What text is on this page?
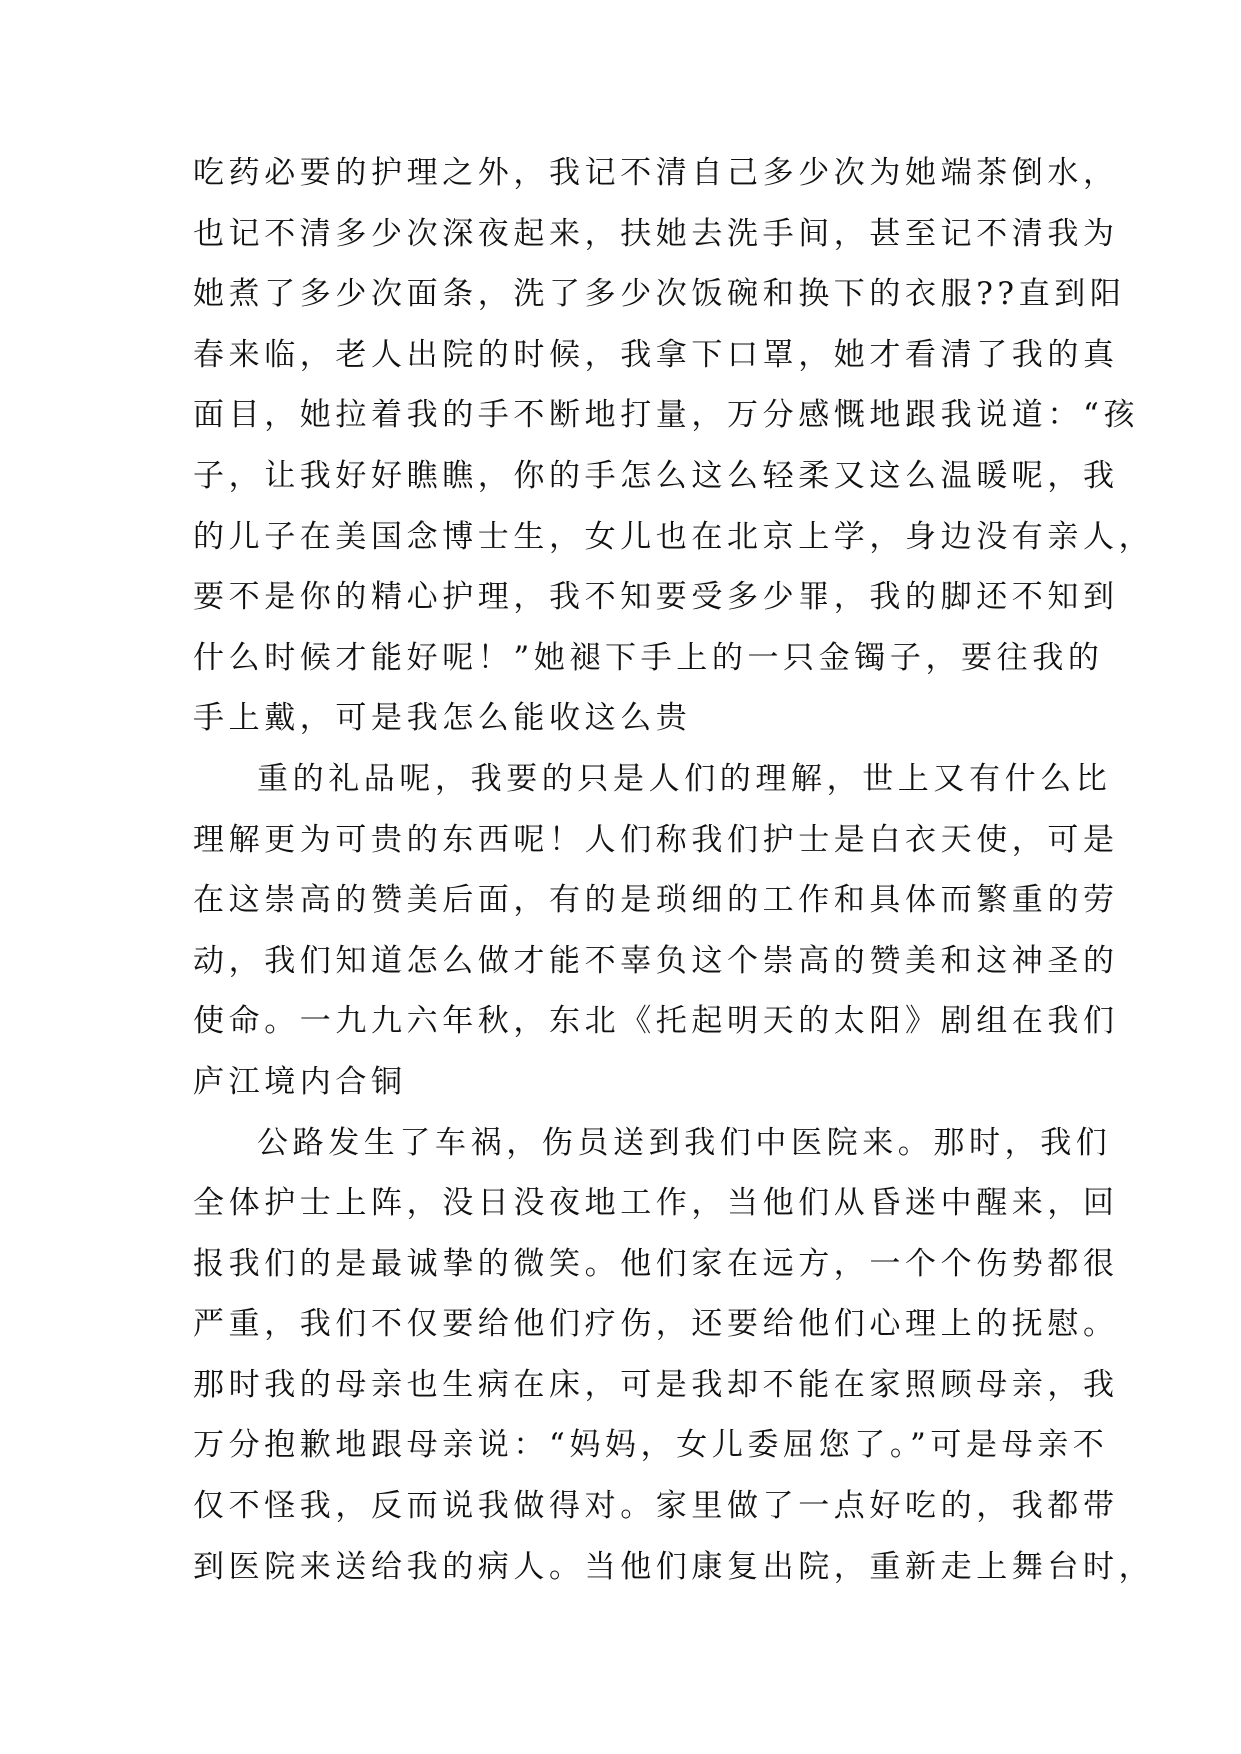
吃药必要的护理之外，我记不清自己多少次为她端茶倒水，
也记不清多少次深夜起来，扶她去洗手间，甚至记不清我为
她煮了多少次面条，洗了多少次饭碗和换下的衣服??直到阳
春来临，老人出院的时候，我拿下口罩，她才看清了我的真
面目，她拉着我的手不断地打量，万分感慨地跟我说道：“孩
子，让我好好瞧瞧，你的手怎么这么轻柔又这么温暖呢，我
的儿子在美国念博士生，女儿也在北京上学，身边没有亲人，
要不是你的精心护理，我不知要受多少罪，我的脚还不知到
什么时候才能好呢！”她褪下手上的一只金镯子，要往我的
手上戴，可是我怎么能收这么贵
重的礼品呢，我要的只是人们的理解，世上又有什么比
理解更为可贵的东西呢！人们称我们护士是白衣天使，可是
在这崇高的赞美后面，有的是琐细的工作和具体而繁重的劳
动，我们知道怎么做才能不辜负这个崇高的赞美和这神圣的
使命。一九九六年秋，东北《托起明天的太阳》剧组在我们
庐江境内合铜
公路发生了车祸，伤员送到我们中医院来。那时，我们
全体护士上阵，没日没夜地工作，当他们从昏迷中醒来，回
报我们的是最诚挚的微笑。他们家在远方，一个个伤势都很
严重，我们不仅要给他们疗伤，还要给他们心理上的抚慰。
那时我的母亲也生病在床，可是我却不能在家照顾母亲，我
万分抱歉地跟母亲说：“妈妈，女儿委屈您了。”可是母亲不
仅不怪我，反而说我做得对。家里做了一点好吃的，我都带
到医院来送给我的病人。当他们康复出院，重新走上舞台时，
